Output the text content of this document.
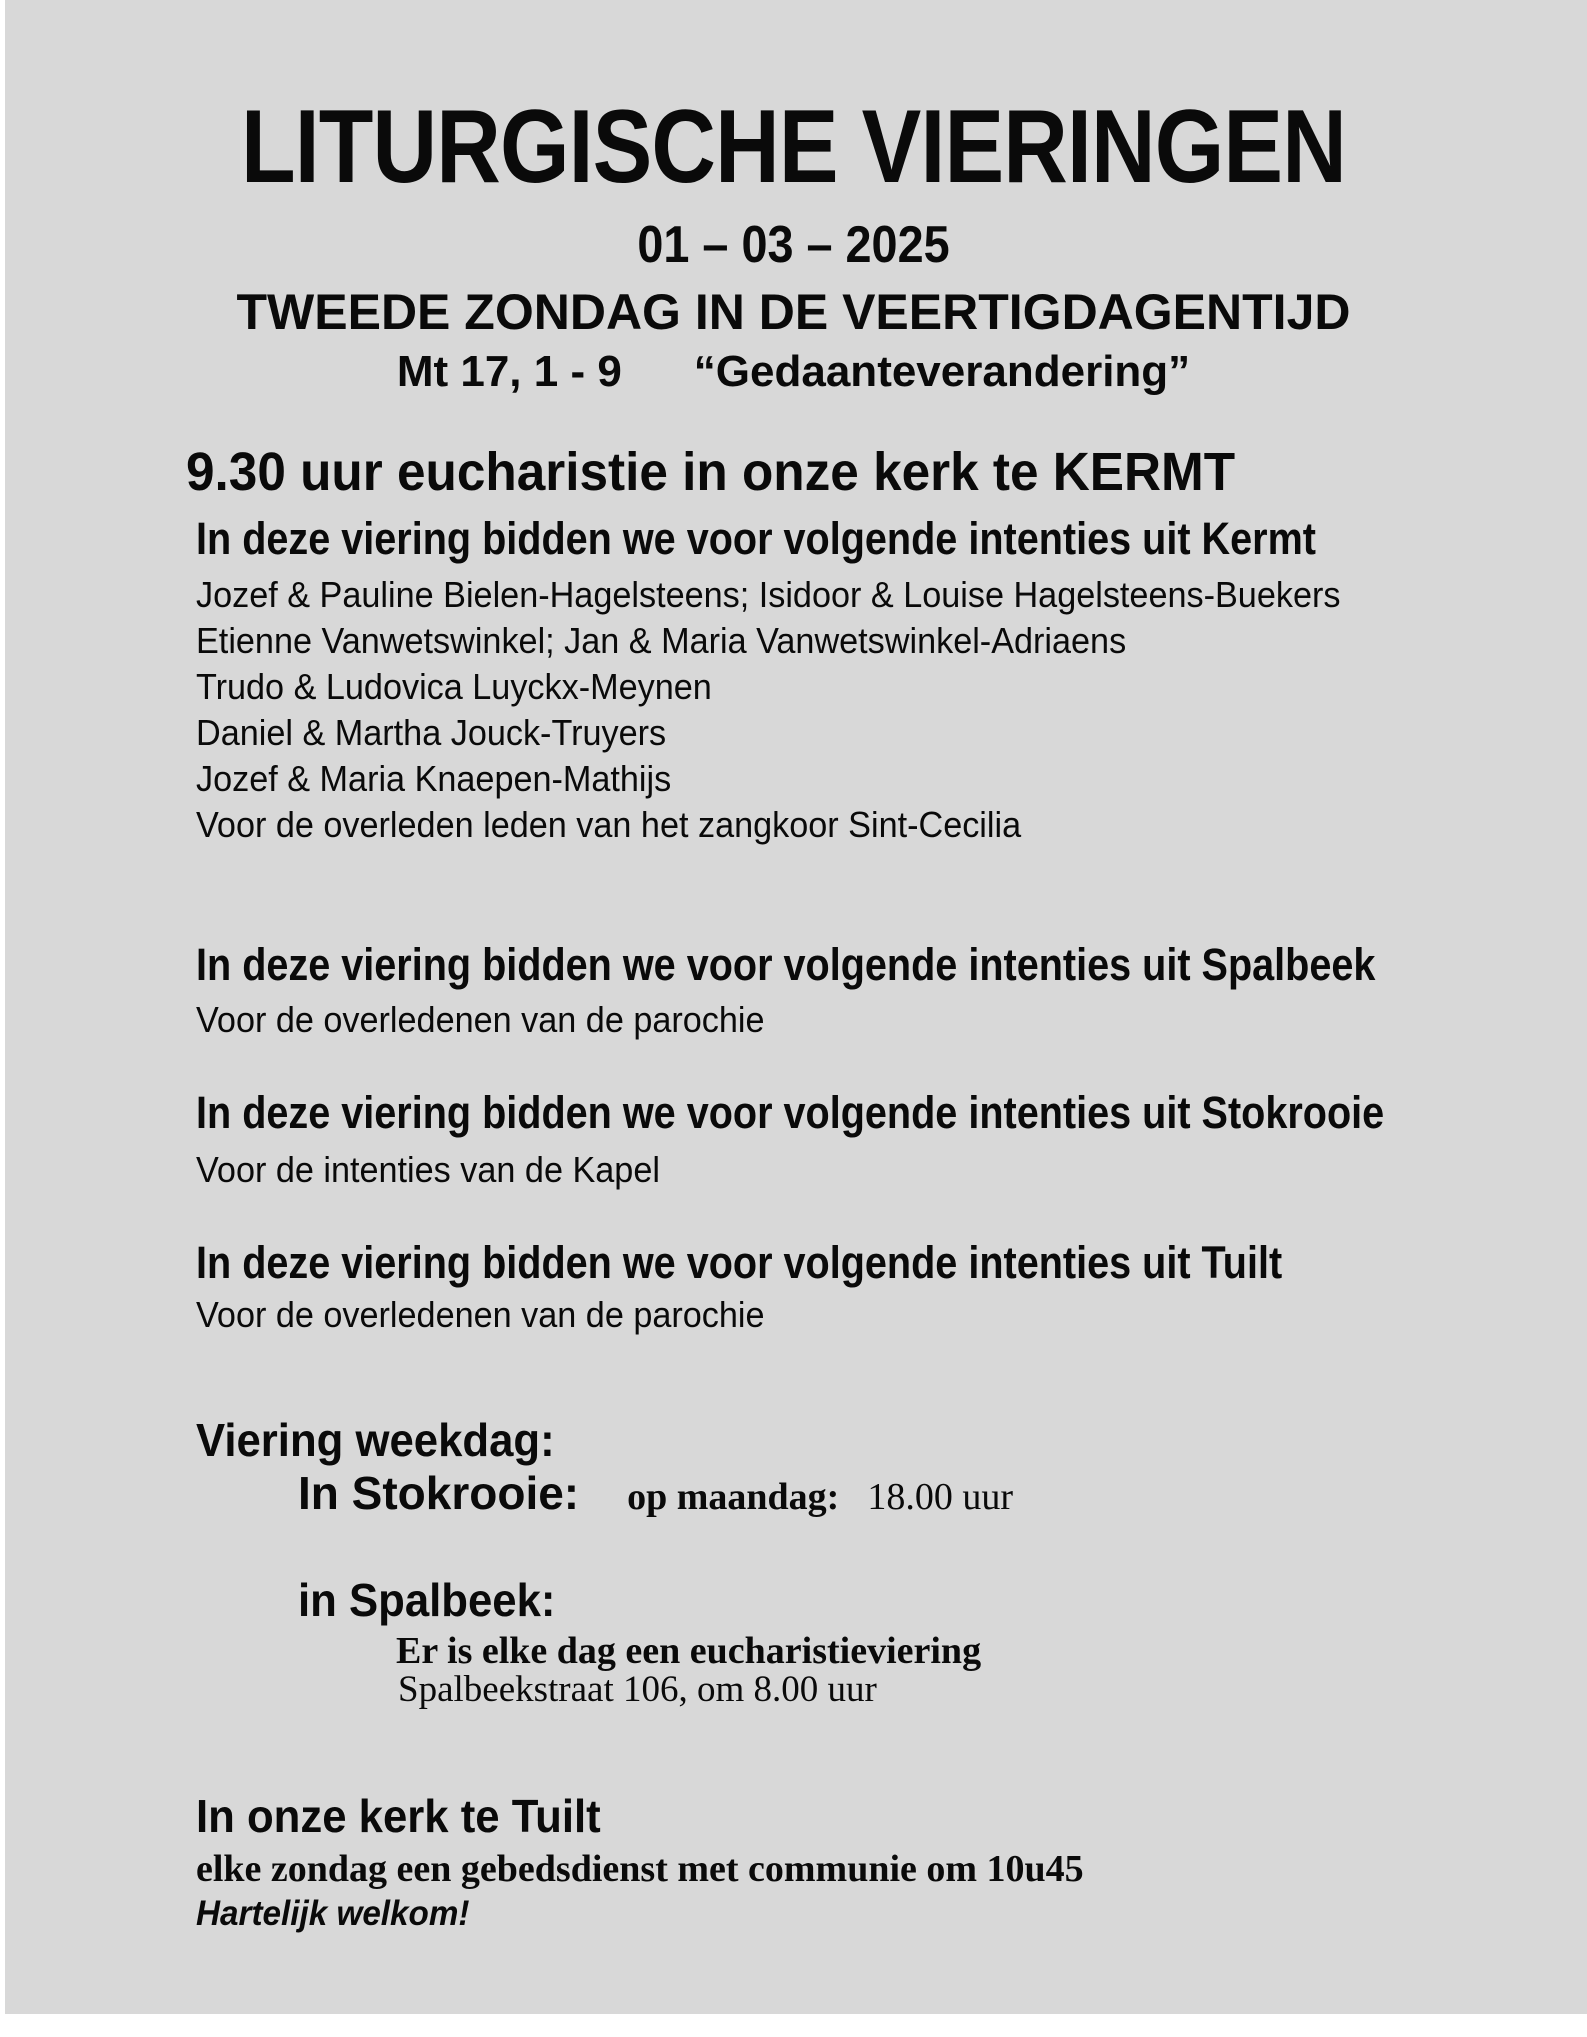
LITURGISCHE VIERINGEN
01 – 03 – 2025
TWEEDE ZONDAG IN DE VEERTIGDAGENTIJD
Mt 17, 1 - 9 “Gedaanteverandering”
9.30 uur eucharistie in onze kerk te KERMT
In deze viering bidden we voor volgende intenties uit Kermt
Jozef & Pauline Bielen-Hagelsteens; Isidoor & Louise Hagelsteens-Buekers
Etienne Vanwetswinkel; Jan & Maria Vanwetswinkel-Adriaens
Trudo & Ludovica Luyckx-Meynen
Daniel & Martha Jouck-Truyers
Jozef & Maria Knaepen-Mathijs
Voor de overleden leden van het zangkoor Sint-Cecilia
In deze viering bidden we voor volgende intenties uit Spalbeek
Voor de overledenen van de parochie
In deze viering bidden we voor volgende intenties uit Stokrooie
Voor de intenties van de Kapel
In deze viering bidden we voor volgende intenties uit Tuilt
Voor de overledenen van de parochie
Viering weekdag:
In Stokrooie: op maandag: 18.00 uur
in Spalbeek:
Er is elke dag een eucharistieviering
Spalbeekstraat 106, om 8.00 uur
In onze kerk te Tuilt
elke zondag een gebedsdienst met communie om 10u45
Hartelijk welkom!
